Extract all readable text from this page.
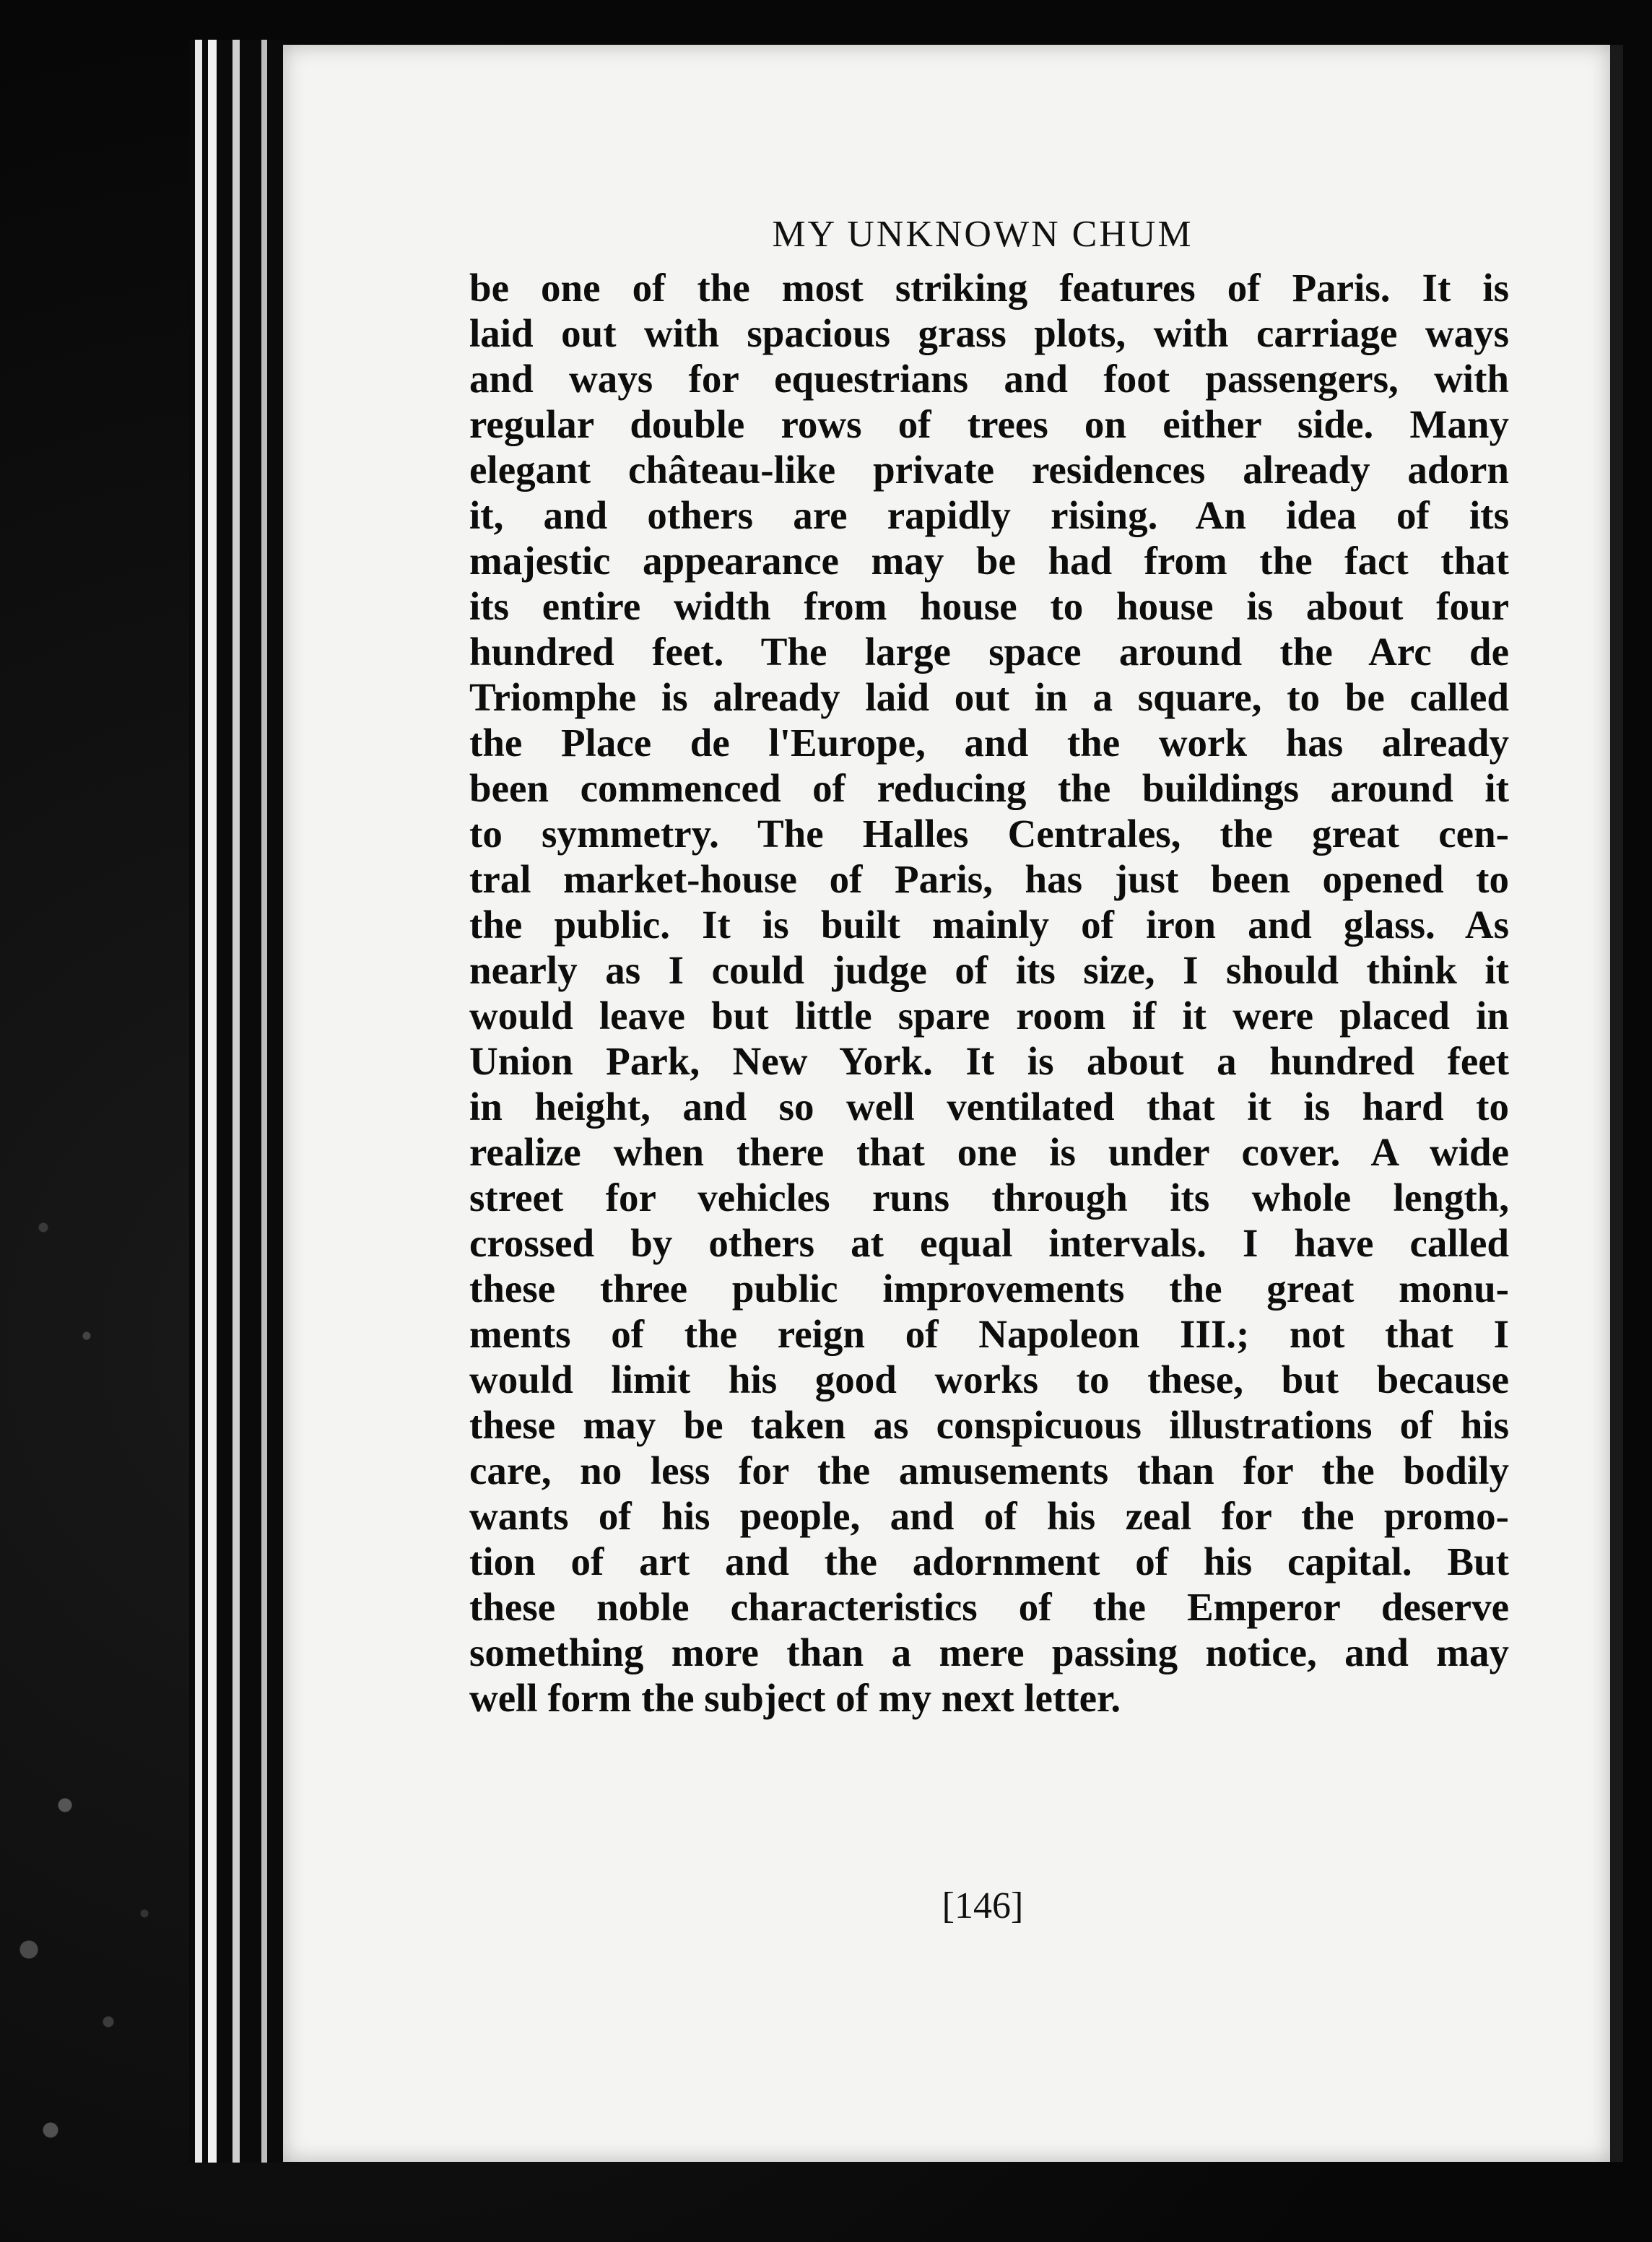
MY UNKNOWN CHUM
be one of the most striking features of Paris. It is
laid out with spacious grass plots, with carriage ways
and ways for equestrians and foot passengers, with
regular double rows of trees on either side. Many
elegant château-like private residences already adorn
it, and others are rapidly rising. An idea of its
majestic appearance may be had from the fact that
its entire width from house to house is about four
hundred feet. The large space around the Arc de
Triomphe is already laid out in a square, to be called
the Place de l'Europe, and the work has already
been commenced of reducing the buildings around it
to symmetry. The Halles Centrales, the great cen-
tral market-house of Paris, has just been opened to
the public. It is built mainly of iron and glass. As
nearly as I could judge of its size, I should think it
would leave but little spare room if it were placed in
Union Park, New York. It is about a hundred feet
in height, and so well ventilated that it is hard to
realize when there that one is under cover. A wide
street for vehicles runs through its whole length,
crossed by others at equal intervals. I have called
these three public improvements the great monu-
ments of the reign of Napoleon III.; not that I
would limit his good works to these, but because
these may be taken as conspicuous illustrations of his
care, no less for the amusements than for the bodily
wants of his people, and of his zeal for the promo-
tion of art and the adornment of his capital. But
these noble characteristics of the Emperor deserve
something more than a mere passing notice, and may
well form the subject of my next letter.
[146]
